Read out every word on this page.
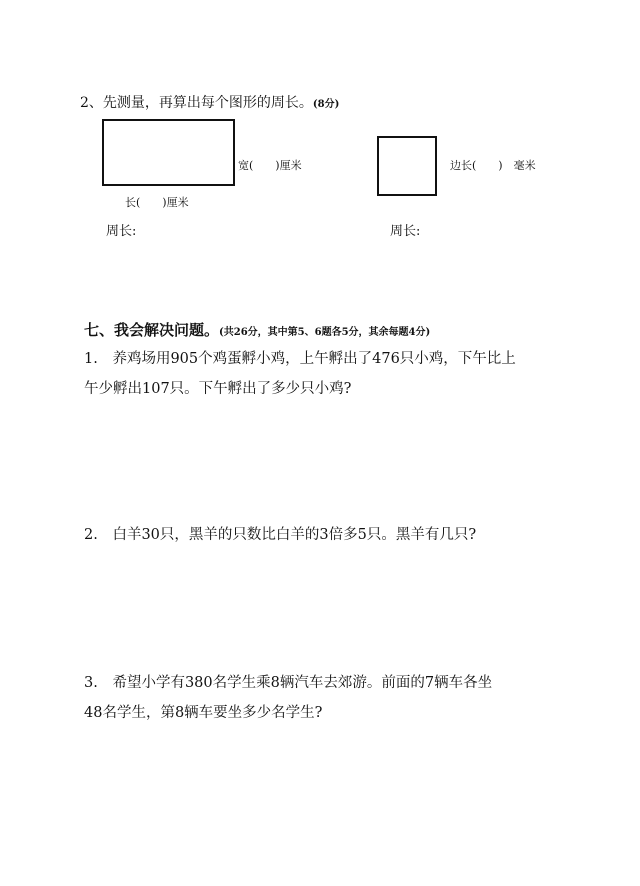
2、先测量，再算出每个图形的周长。(8分)
宽(　　)厘米
长(　　)厘米
周长:
边长(　　)　毫米
周长:
七、我会解决问题。(共26分，其中第5、6题各5分，其余每题4分)
1. 养鸡场用905个鸡蛋孵小鸡，上午孵出了476只小鸡，下午比上
午少孵出107只。下午孵出了多少只小鸡?
2. 白羊30只，黑羊的只数比白羊的3倍多5只。黑羊有几只?
3. 希望小学有380名学生乘8辆汽车去郊游。前面的7辆车各坐
48名学生，第8辆车要坐多少名学生?
